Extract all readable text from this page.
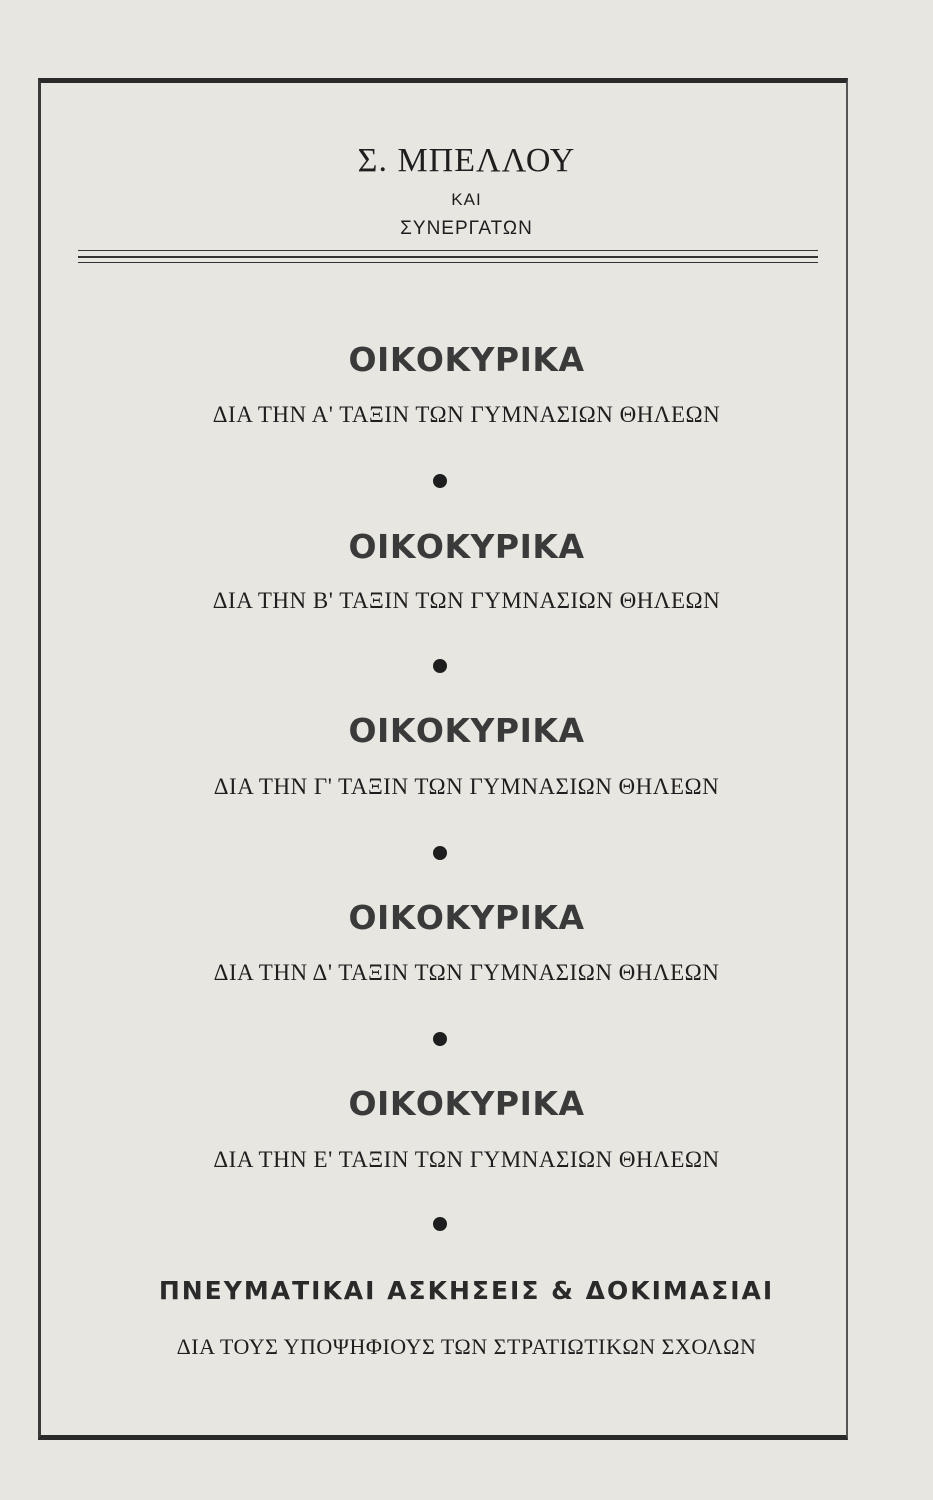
Σ. ΜΠΕΛΛΟΥ
ΚΑΙ
ΣΥΝΕΡΓΑΤΩΝ
ΟΙΚΟΚΥΡΙΚΑ
ΔΙΑ ΤΗΝ Α' ΤΑΞΙΝ ΤΩΝ ΓΥΜΝΑΣΙΩΝ ΘΗΛΕΩΝ
ΟΙΚΟΚΥΡΙΚΑ
ΔΙΑ ΤΗΝ Β' ΤΑΞΙΝ ΤΩΝ ΓΥΜΝΑΣΙΩΝ ΘΗΛΕΩΝ
ΟΙΚΟΚΥΡΙΚΑ
ΔΙΑ ΤΗΝ Γ' ΤΑΞΙΝ ΤΩΝ ΓΥΜΝΑΣΙΩΝ ΘΗΛΕΩΝ
ΟΙΚΟΚΥΡΙΚΑ
ΔΙΑ ΤΗΝ Δ' ΤΑΞΙΝ ΤΩΝ ΓΥΜΝΑΣΙΩΝ ΘΗΛΕΩΝ
ΟΙΚΟΚΥΡΙΚΑ
ΔΙΑ ΤΗΝ Ε' ΤΑΞΙΝ ΤΩΝ ΓΥΜΝΑΣΙΩΝ ΘΗΛΕΩΝ
ΠΝΕΥΜΑΤΙΚΑΙ ΑΣΚΗΣΕΙΣ & ΔΟΚΙΜΑΣΙΑΙ
ΔΙΑ ΤΟΥΣ ΥΠΟΨΗΦΙΟΥΣ ΤΩΝ ΣΤΡΑΤΙΩΤΙΚΩΝ ΣΧΟΛΩΝ
